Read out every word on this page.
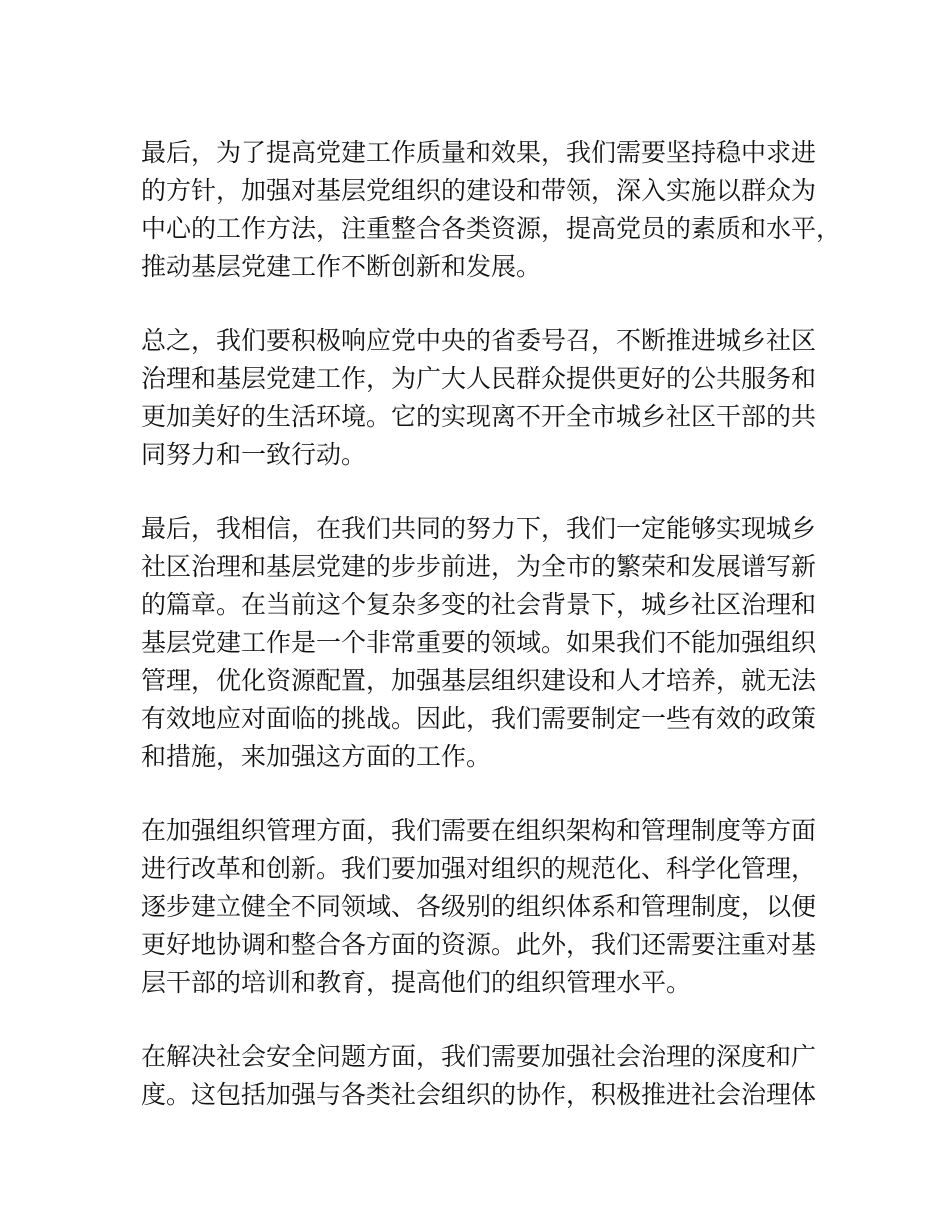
最后，为了提高党建工作质量和效果，我们需要坚持稳中求进
的方针，加强对基层党组织的建设和带领，深入实施以群众为
中心的工作方法，注重整合各类资源，提高党员的素质和水平，
推动基层党建工作不断创新和发展。

总之，我们要积极响应党中央的省委号召，不断推进城乡社区
治理和基层党建工作，为广大人民群众提供更好的公共服务和
更加美好的生活环境。它的实现离不开全市城乡社区干部的共
同努力和一致行动。

最后，我相信，在我们共同的努力下，我们一定能够实现城乡
社区治理和基层党建的步步前进，为全市的繁荣和发展谱写新
的篇章。在当前这个复杂多变的社会背景下，城乡社区治理和
基层党建工作是一个非常重要的领域。如果我们不能加强组织
管理，优化资源配置，加强基层组织建设和人才培养，就无法
有效地应对面临的挑战。因此，我们需要制定一些有效的政策
和措施，来加强这方面的工作。

在加强组织管理方面，我们需要在组织架构和管理制度等方面
进行改革和创新。我们要加强对组织的规范化、科学化管理，
逐步建立健全不同领域、各级别的组织体系和管理制度，以便
更好地协调和整合各方面的资源。此外，我们还需要注重对基
层干部的培训和教育，提高他们的组织管理水平。

在解决社会安全问题方面，我们需要加强社会治理的深度和广
度。这包括加强与各类社会组织的协作，积极推进社会治理体
